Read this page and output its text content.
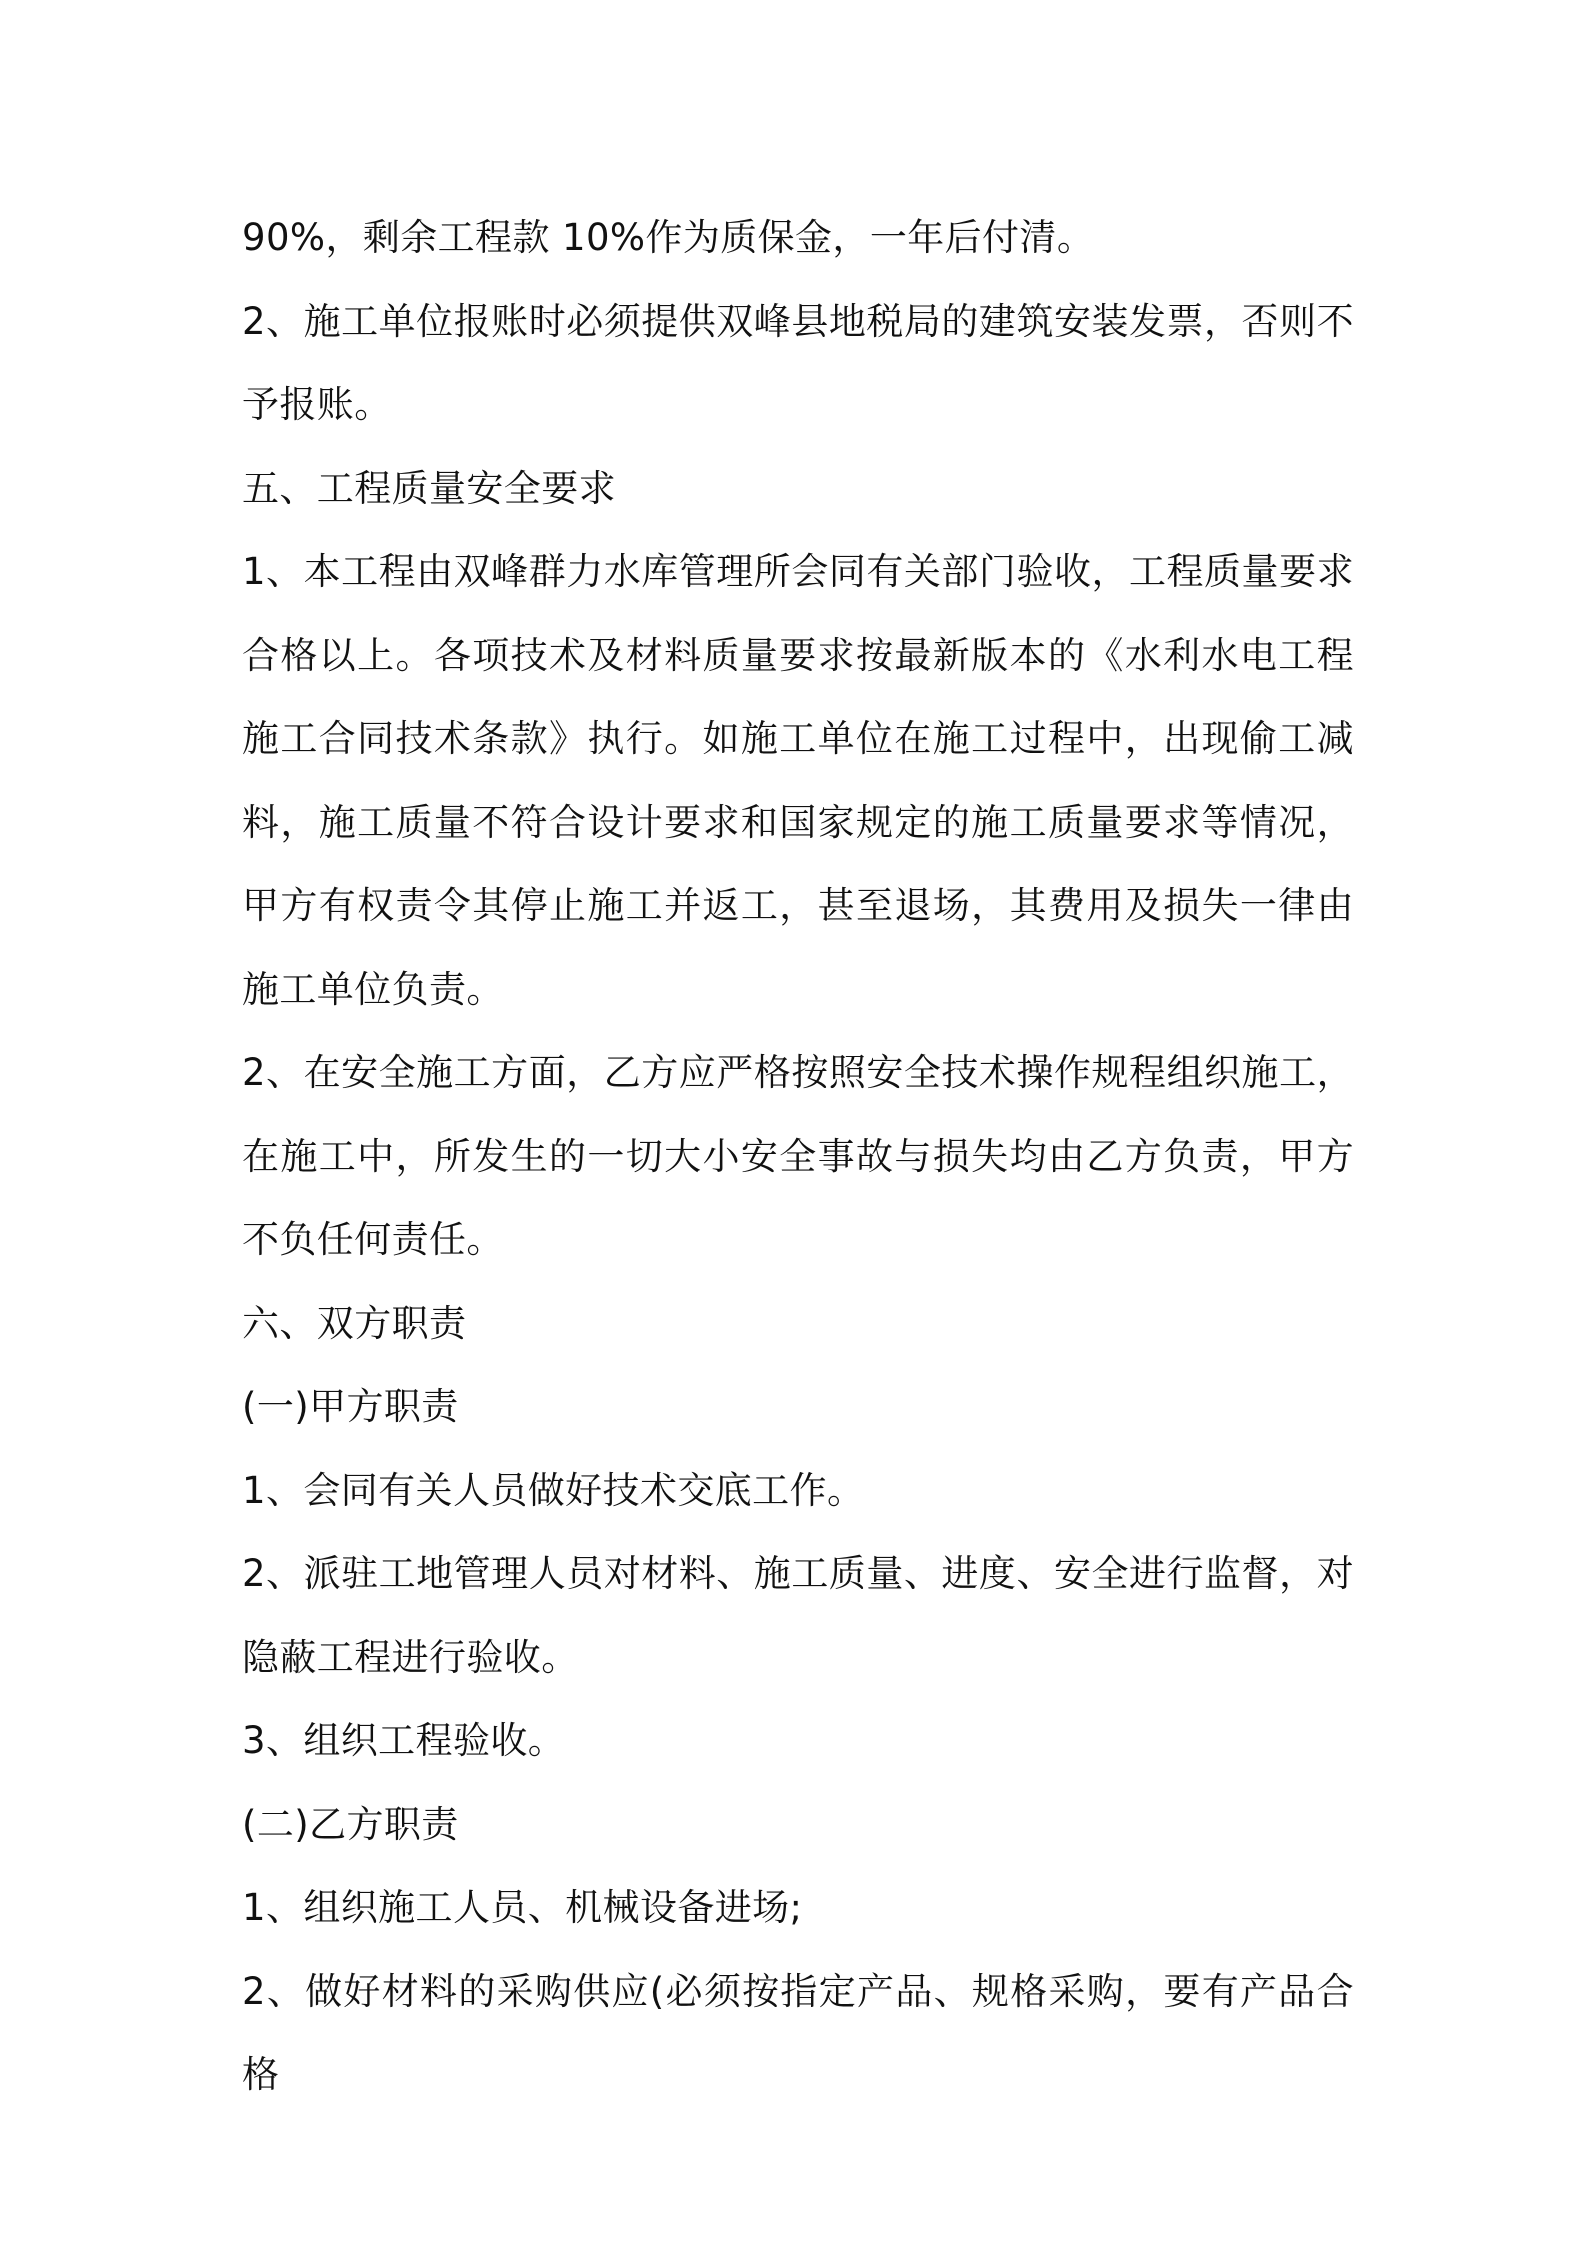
90%，剩余工程款 10%作为质保金，一年后付清。

2、施工单位报账时必须提供双峰县地税局的建筑安装发票，否则不予报账。

五、工程质量安全要求

1、本工程由双峰群力水库管理所会同有关部门验收，工程质量要求合格以上。各项技术及材料质量要求按最新版本的《水利水电工程施工合同技术条款》执行。如施工单位在施工过程中，出现偷工减料，施工质量不符合设计要求和国家规定的施工质量要求等情况，甲方有权责令其停止施工并返工，甚至退场，其费用及损失一律由施工单位负责。

2、在安全施工方面，乙方应严格按照安全技术操作规程组织施工，在施工中，所发生的一切大小安全事故与损失均由乙方负责，甲方不负任何责任。

六、双方职责

(一)甲方职责

1、会同有关人员做好技术交底工作。

2、派驻工地管理人员对材料、施工质量、进度、安全进行监督，对隐蔽工程进行验收。

3、组织工程验收。

(二)乙方职责

1、组织施工人员、机械设备进场;

2、做好材料的采购供应(必须按指定产品、规格采购，要有产品合格
